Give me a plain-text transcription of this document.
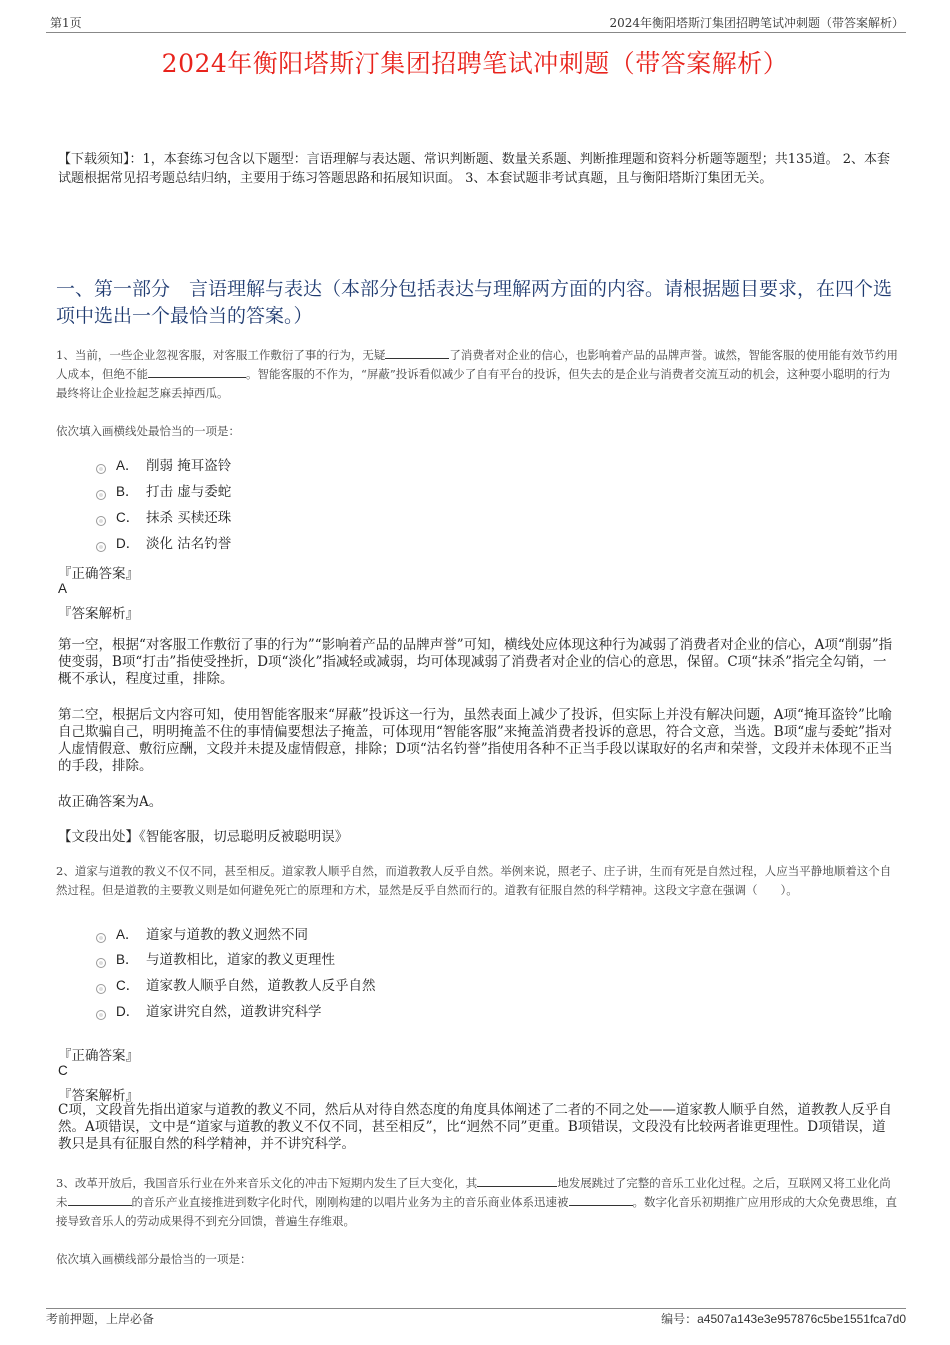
第1页	2024年衡阳塔斯汀集团招聘笔试冲刺题（带答案解析）
2024年衡阳塔斯汀集团招聘笔试冲刺题（带答案解析）
【下载须知】：1，本套练习包含以下题型：言语理解与表达题、常识判断题、数量关系题、判断推理题和资料分析题等题型；共135道。 2、本套试题根据常见招考题总结归纳，主要用于练习答题思路和拓展知识面。 3、本套试题非考试真题，且与衡阳塔斯汀集团无关。
一、第一部分　言语理解与表达（本部分包括表达与理解两方面的内容。请根据题目要求，在四个选项中选出一个最恰当的答案。）
1、当前，一些企业忽视客服，对客服工作敷衍了事的行为，无疑	了消费者对企业的信心，也影响着产品的品牌声誉。诚然，智能客服的使用能有效节约用人成本，但绝不能	。智能客服的不作为，“屏蔽”投诉看似减少了自有平台的投诉，但失去的是企业与消费者交流互动的机会，这种耍小聪明的行为最终将让企业捡起芝麻丢掉西瓜。
依次填入画横线处最恰当的一项是：
A． 削弱 掩耳盗铃
B． 打击 虚与委蛇
C． 抹杀 买椟还珠
D． 淡化 沽名钓誉
『正确答案』
A
『答案解析』
第一空，根据“对客服工作敷衍了事的行为”“影响着产品的品牌声誉”可知，横线处应体现这种行为减弱了消费者对企业的信心，A项“削弱”指使变弱，B项“打击”指使受挫折，D项“淡化”指减轻或减弱，均可体现减弱了消费者对企业的信心的意思，保留。C项“抹杀”指完全勾销，一概不承认，程度过重，排除。
第二空，根据后文内容可知，使用智能客服来“屏蔽”投诉这一行为，虽然表面上减少了投诉，但实际上并没有解决问题，A项“掩耳盗铃”比喻自己欺骗自己，明明掩盖不住的事情偏要想法子掩盖，可体现用“智能客服”来掩盖消费者投诉的意思，符合文意，当选。B项“虚与委蛇”指对人虚情假意、敷衍应酬，文段并未提及虚情假意，排除；D项“沽名钓誉”指使用各种不正当手段以谋取好的名声和荣誉，文段并未体现不正当的手段，排除。
故正确答案为A。
【文段出处】《智能客服，切忌聪明反被聪明误》
2、道家与道教的教义不仅不同，甚至相反。道家教人顺乎自然，而道教教人反乎自然。举例来说，照老子、庄子讲，生而有死是自然过程，人应当平静地顺着这个自然过程。但是道教的主要教义则是如何避免死亡的原理和方术，显然是反乎自然而行的。道教有征服自然的科学精神。这段文字意在强调（　　）。
A． 道家与道教的教义迥然不同
B． 与道教相比，道家的教义更理性
C． 道家教人顺乎自然，道教教人反乎自然
D． 道家讲究自然，道教讲究科学
『正确答案』
C
『答案解析』
C项，文段首先指出道家与道教的教义不同，然后从对待自然态度的角度具体阐述了二者的不同之处——道家教人顺乎自然，道教教人反乎自然。A项错误，文中是“道家与道教的教义不仅不同，甚至相反”，比“迥然不同”更重。B项错误，文段没有比较两者谁更理性。D项错误，道教只是具有征服自然的科学精神，并不讲究科学。
3、改革开放后，我国音乐行业在外来音乐文化的冲击下短期内发生了巨大变化，其	地发展跳过了完整的音乐工业化过程。之后，互联网又将工业化尚未	的音乐产业直接推进到数字化时代，刚刚构建的以唱片业务为主的音乐商业体系迅速被	。数字化音乐初期推广应用形成的大众免费思维，直接导致音乐人的劳动成果得不到充分回馈，普遍生存维艰。
依次填入画横线部分最恰当的一项是：
考前押题，上岸必备	编号：a4507a143e3e957876c5be1551fca7d0
